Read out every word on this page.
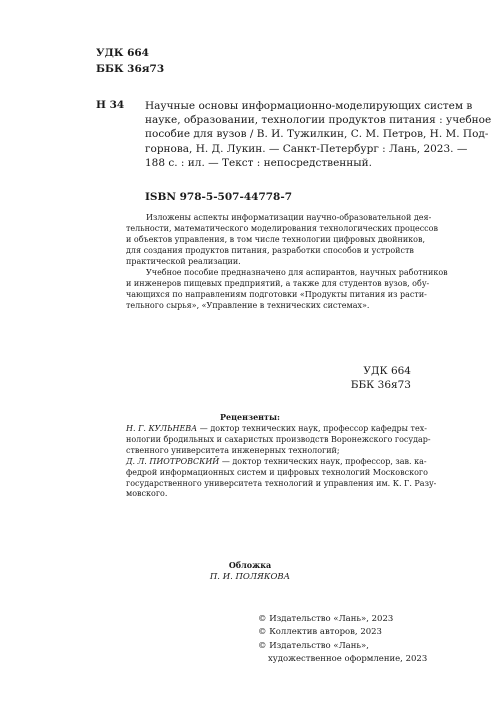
УДК 664
ББК 36я73
Н 34 Научные основы информационно-моделирующих систем в
науке, образовании, технологии продуктов питания : учебное
пособие для вузов / В. И. Тужилкин, С. М. Петров, Н. М. Под-
горнова, Н. Д. Лукин. — Санкт-Петербург : Лань, 2023. —
188 с. : ил. — Текст : непосредственный.
ISBN 978-5-507-44778-7
Изложены аспекты информатизации научно-образовательной дея-
тельности, математического моделирования технологических процессов
и объектов управления, в том числе технологии цифровых двойников,
для создания продуктов питания, разработки способов и устройств
практической реализации.
Учебное пособие предназначено для аспирантов, научных работников
и инженеров пищевых предприятий, а также для студентов вузов, обу-
чающихся по направлениям подготовки «Продукты питания из расти-
тельного сырья», «Управление в технических системах».
УДК 664
ББК 36я73
Рецензенты:
Н. Г. КУЛЬНЕВА — доктор технических наук, профессор кафедры тех-
нологии бродильных и сахаристых производств Воронежского государ-
ственного университета инженерных технологий;
Д. Л. ПИОТРОВСКИЙ — доктор технических наук, профессор, зав. ка-
федрой информационных систем и цифровых технологий Московского
государственного университета технологий и управления им. К. Г. Разу-
мовского.
Обложка
П. И. ПОЛЯКОВА
© Издательство «Лань», 2023
© Коллектив авторов, 2023
© Издательство «Лань»,
художественное оформление, 2023
